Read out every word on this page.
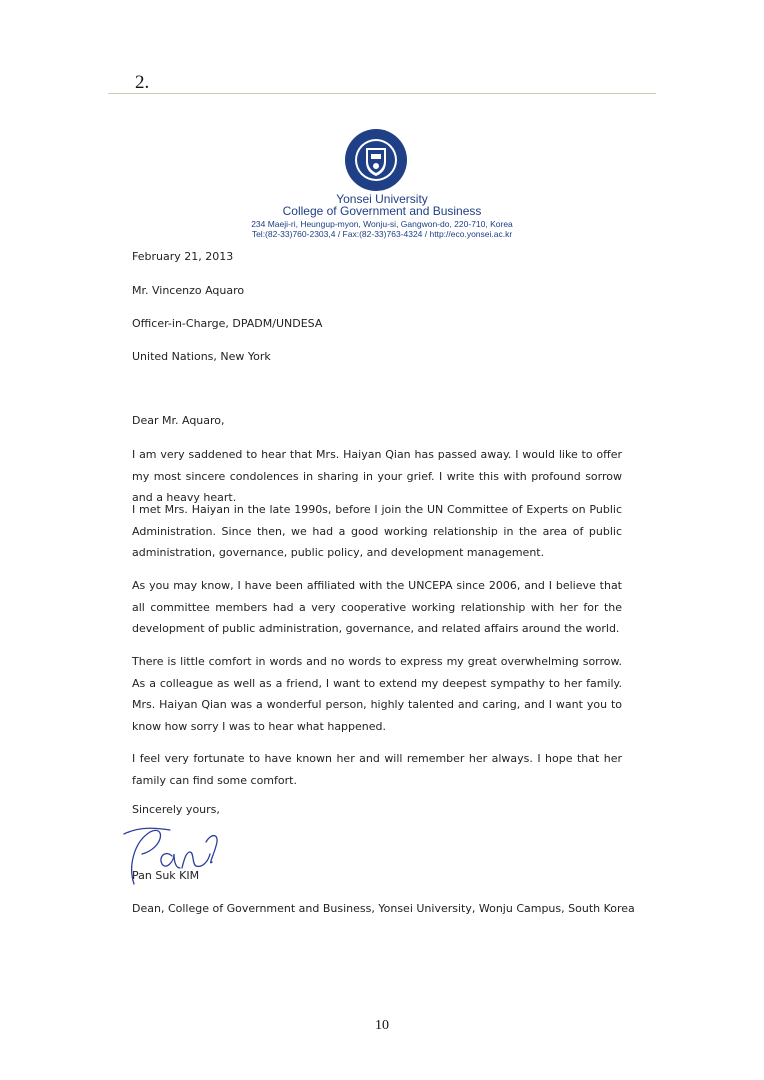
2.
Yonsei University
College of Government and Business
234 Maeji-ri, Heungup-myon, Wonju-si, Gangwon-do, 220-710, Korea
Tel:(82-33)760-2303,4 / Fax:(82-33)763-4324 / http://eco.yonsei.ac.kr
February 21, 2013
Mr. Vincenzo Aquaro
Officer-in-Charge, DPADM/UNDESA
United Nations, New York
Dear Mr. Aquaro,
I am very saddened to hear that Mrs. Haiyan Qian has passed away. I would like to offer my most sincere condolences in sharing in your grief. I write this with profound sorrow and a heavy heart.
I met Mrs. Haiyan in the late 1990s, before I join the UN Committee of Experts on Public Administration. Since then, we had a good working relationship in the area of public administration, governance, public policy, and development management.
As you may know, I have been affiliated with the UNCEPA since 2006, and I believe that all committee members had a very cooperative working relationship with her for the development of public administration, governance, and related affairs around the world.
There is little comfort in words and no words to express my great overwhelming sorrow. As a colleague as well as a friend, I want to extend my deepest sympathy to her family. Mrs. Haiyan Qian was a wonderful person, highly talented and caring, and I want you to know how sorry I was to hear what happened.
I feel very fortunate to have known her and will remember her always. I hope that her family can find some comfort.
Sincerely yours,
Pan Suk KIM
Dean, College of Government and Business, Yonsei University, Wonju Campus, South Korea
10
